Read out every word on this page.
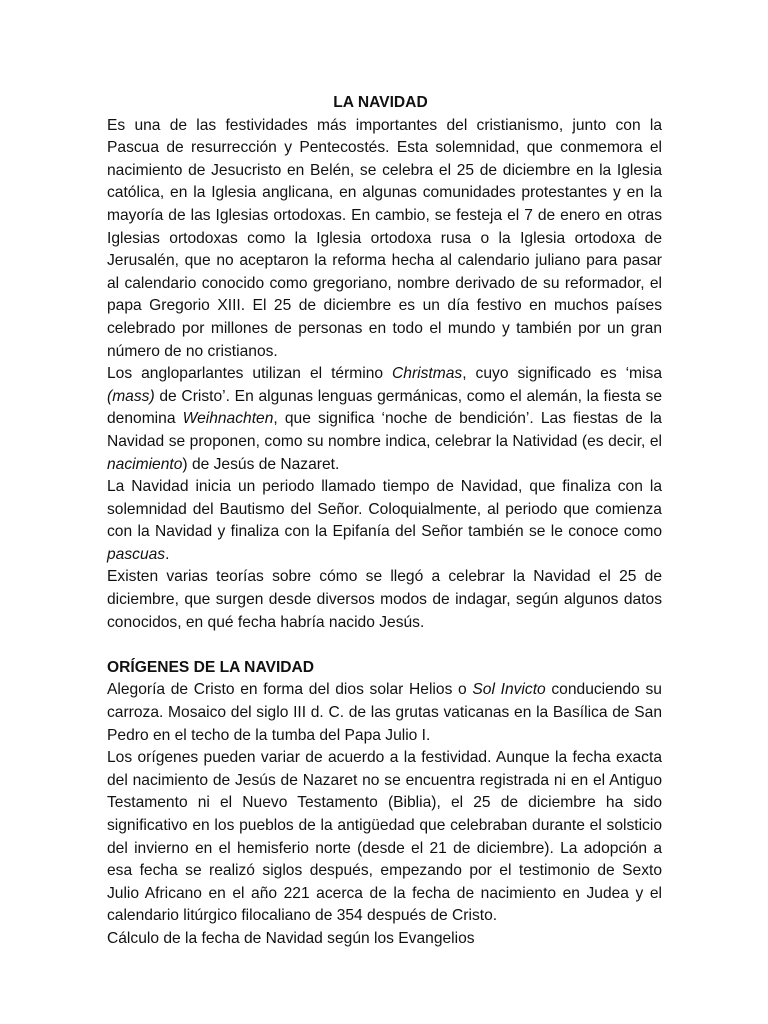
LA NAVIDAD

Es una de las festividades más importantes del cristianismo, junto con la Pascua de resurrección y Pentecostés. Esta solemnidad, que conmemora el nacimiento de Jesucristo en Belén, se celebra el 25 de diciembre en la Iglesia católica, en la Iglesia anglicana, en algunas comunidades protestantes y en la mayoría de las Iglesias ortodoxas. En cambio, se festeja el 7 de enero en otras Iglesias ortodoxas como la Iglesia ortodoxa rusa o la Iglesia ortodoxa de Jerusalén, que no aceptaron la reforma hecha al calendario juliano para pasar al calendario conocido como gregoriano, nombre derivado de su reformador, el papa Gregorio XIII. El 25 de diciembre es un día festivo en muchos países celebrado por millones de personas en todo el mundo y también por un gran número de no cristianos.

Los angloparlantes utilizan el término Christmas, cuyo significado es ‘misa (mass) de Cristo’. En algunas lenguas germánicas, como el alemán, la fiesta se denomina Weihnachten, que significa ‘noche de bendición’. Las fiestas de la Navidad se proponen, como su nombre indica, celebrar la Natividad (es decir, el nacimiento) de Jesús de Nazaret.

La Navidad inicia un periodo llamado tiempo de Navidad, que finaliza con la solemnidad del Bautismo del Señor. Coloquialmente, al periodo que comienza con la Navidad y finaliza con la Epifanía del Señor también se le conoce como pascuas.

Existen varias teorías sobre cómo se llegó a celebrar la Navidad el 25 de diciembre, que surgen desde diversos modos de indagar, según algunos datos conocidos, en qué fecha habría nacido Jesús.

ORÍGENES DE LA NAVIDAD

Alegoría de Cristo en forma del dios solar Helios o Sol Invicto conduciendo su carroza. Mosaico del siglo III d. C. de las grutas vaticanas en la Basílica de San Pedro en el techo de la tumba del Papa Julio I.

Los orígenes pueden variar de acuerdo a la festividad. Aunque la fecha exacta del nacimiento de Jesús de Nazaret no se encuentra registrada ni en el Antiguo Testamento ni el Nuevo Testamento (Biblia), el 25 de diciembre ha sido significativo en los pueblos de la antigüedad que celebraban durante el solsticio del invierno en el hemisferio norte (desde el 21 de diciembre). La adopción a esa fecha se realizó siglos después, empezando por el testimonio de Sexto Julio Africano en el año 221 acerca de la fecha de nacimiento en Judea y el calendario litúrgico filocaliano de 354 después de Cristo.

Cálculo de la fecha de Navidad según los Evangelios
